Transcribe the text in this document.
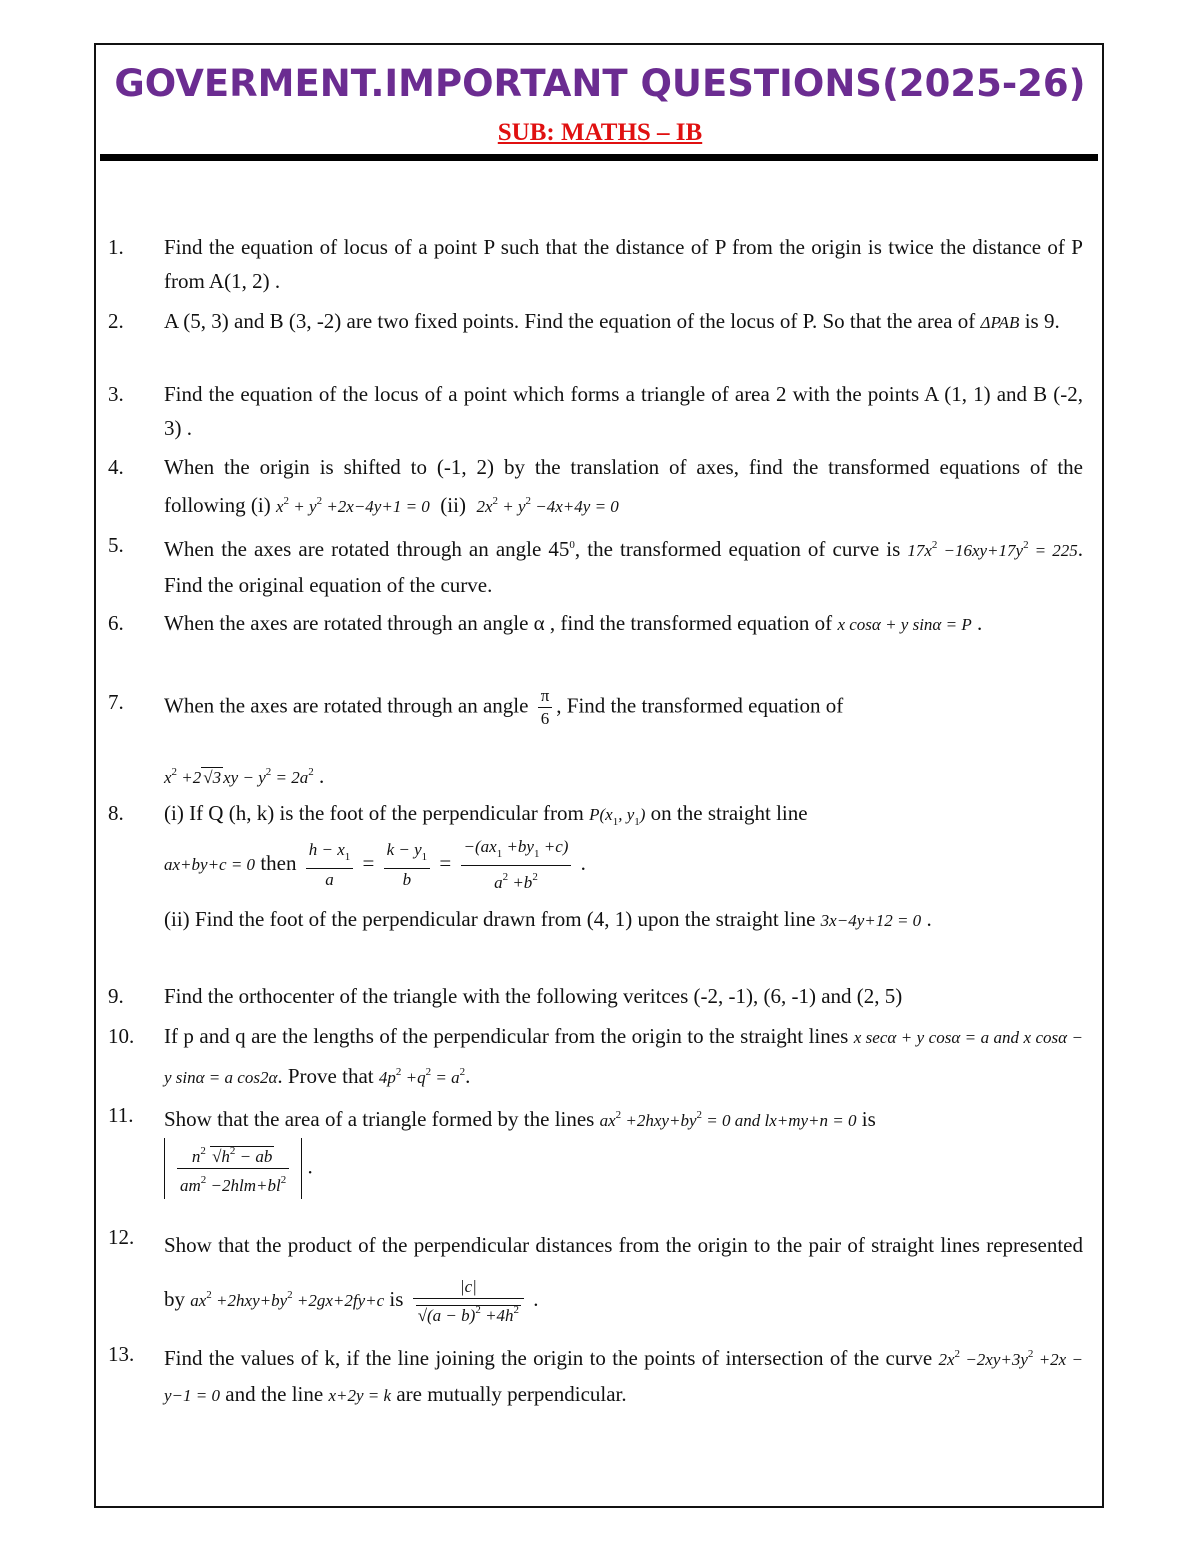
GOVERMENT.IMPORTANT QUESTIONS(2025-26)
SUB: MATHS – IB
1.	Find the equation of locus of a point P such that the distance of P from the origin is twice the distance of P from A(1, 2) .
2.	A (5, 3) and B (3, -2) are two fixed points. Find the equation of the locus of P. So that the area of ΔPAB is 9.
3.	Find the equation of the locus of a point which forms a triangle of area 2 with the points A (1, 1) and B (-2, 3) .
4.	When the origin is shifted to (-1, 2) by the translation of axes, find the transformed equations of the following (i) $x^2 + y^2 +2x-4y+1 = 0$ (ii) $2x^2 + y^2 -4x+4y = 0$
5.	When the axes are rotated through an angle $45^0$, the transformed equation of curve is $17x^2 -16xy+17y^2 = 225$. Find the original equation of the curve.
6.	When the axes are rotated through an angle α , find the transformed equation of x cosα + y sinα = P .
7.	When the axes are rotated through an angle $\frac{\pi}{6}$ , Find the transformed equation of
$x^2 +2$ √3 xy − $y^2 = 2a^2$ .
8.	(i) If Q (h, k) is the foot of the perpendicular from $P(x_1$, $y_1$) on the straight line
ax+by+c = 0 then $\frac{h - x_1}{a} = \frac{k - y_1}{b} = \frac{-(ax_1 +by_1 +c)}{a^2 +b^2}$ .
(ii) Find the foot of the perpendicular drawn from (4, 1) upon the straight line 3x−4y+12 = 0 .
9.	Find the orthocenter of the triangle with the following veritces (-2, -1), (6, -1) and (2, 5)
10.	If p and q are the lengths of the perpendicular from the origin to the straight lines x secα + y cosα = a and x cosα − y sinα = a cos2α. Prove that $4p^2 +q^2 = a^2$.
11.	Show that the area of a triangle formed by the lines $ax^2 +2hxy+by^2 = 0$ and lx+my+n = 0 is
$\frac{n^2 √h^2 - ab}{am^2 -2hlm+bl^2}$ .
12.	Show that the product of the perpendicular distances from the origin to the pair of straight lines represented by $ax^2 +2hxy+by^2 +2gx+2fy+c$ is $\frac{|c|}{√(a - b)^2 +4h^2}$ .
13.	Find the values of k, if the line joining the origin to the points of intersection of the curve $2x^2 -2xy+3y^2 +2x - y-1 = 0$ and the line x+2y = k are mutually perpendicular.
